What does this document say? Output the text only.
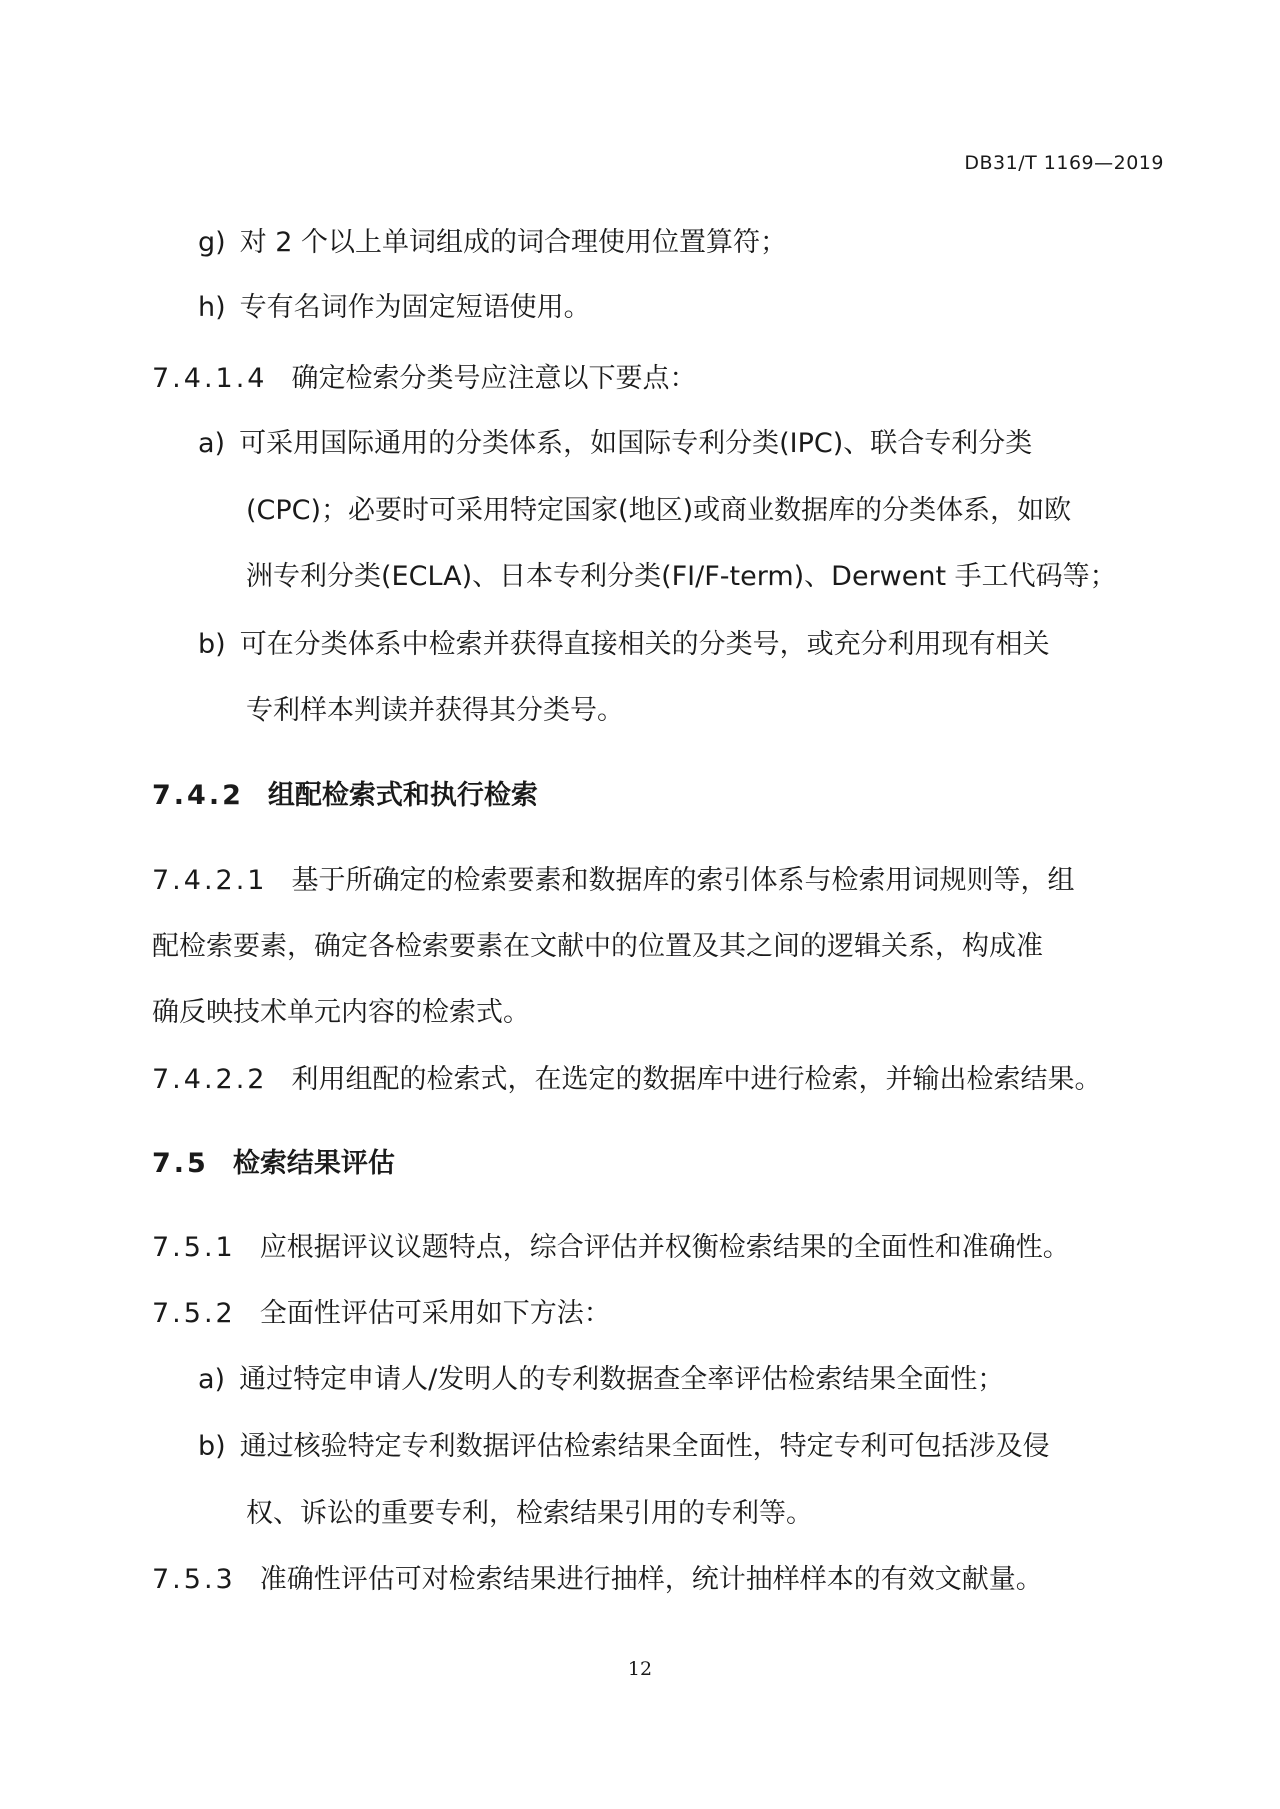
DB31/T 1169—2019
g) 对 2 个以上单词组成的词合理使用位置算符；
h) 专有名词作为固定短语使用。
7.4.1.4 确定检索分类号应注意以下要点：
a) 可采用国际通用的分类体系，如国际专利分类(IPC)、联合专利分类
(CPC)；必要时可采用特定国家(地区)或商业数据库的分类体系，如欧
洲专利分类(ECLA)、日本专利分类(FI/F-term)、Derwent 手工代码等；
b) 可在分类体系中检索并获得直接相关的分类号，或充分利用现有相关
专利样本判读并获得其分类号。
7.4.2 组配检索式和执行检索
7.4.2.1 基于所确定的检索要素和数据库的索引体系与检索用词规则等，组
配检索要素，确定各检索要素在文献中的位置及其之间的逻辑关系，构成准
确反映技术单元内容的检索式。
7.4.2.2 利用组配的检索式，在选定的数据库中进行检索，并输出检索结果。
7.5 检索结果评估
7.5.1 应根据评议议题特点，综合评估并权衡检索结果的全面性和准确性。
7.5.2 全面性评估可采用如下方法：
a) 通过特定申请人/发明人的专利数据查全率评估检索结果全面性；
b) 通过核验特定专利数据评估检索结果全面性，特定专利可包括涉及侵
权、诉讼的重要专利，检索结果引用的专利等。
7.5.3 准确性评估可对检索结果进行抽样，统计抽样样本的有效文献量。
12
